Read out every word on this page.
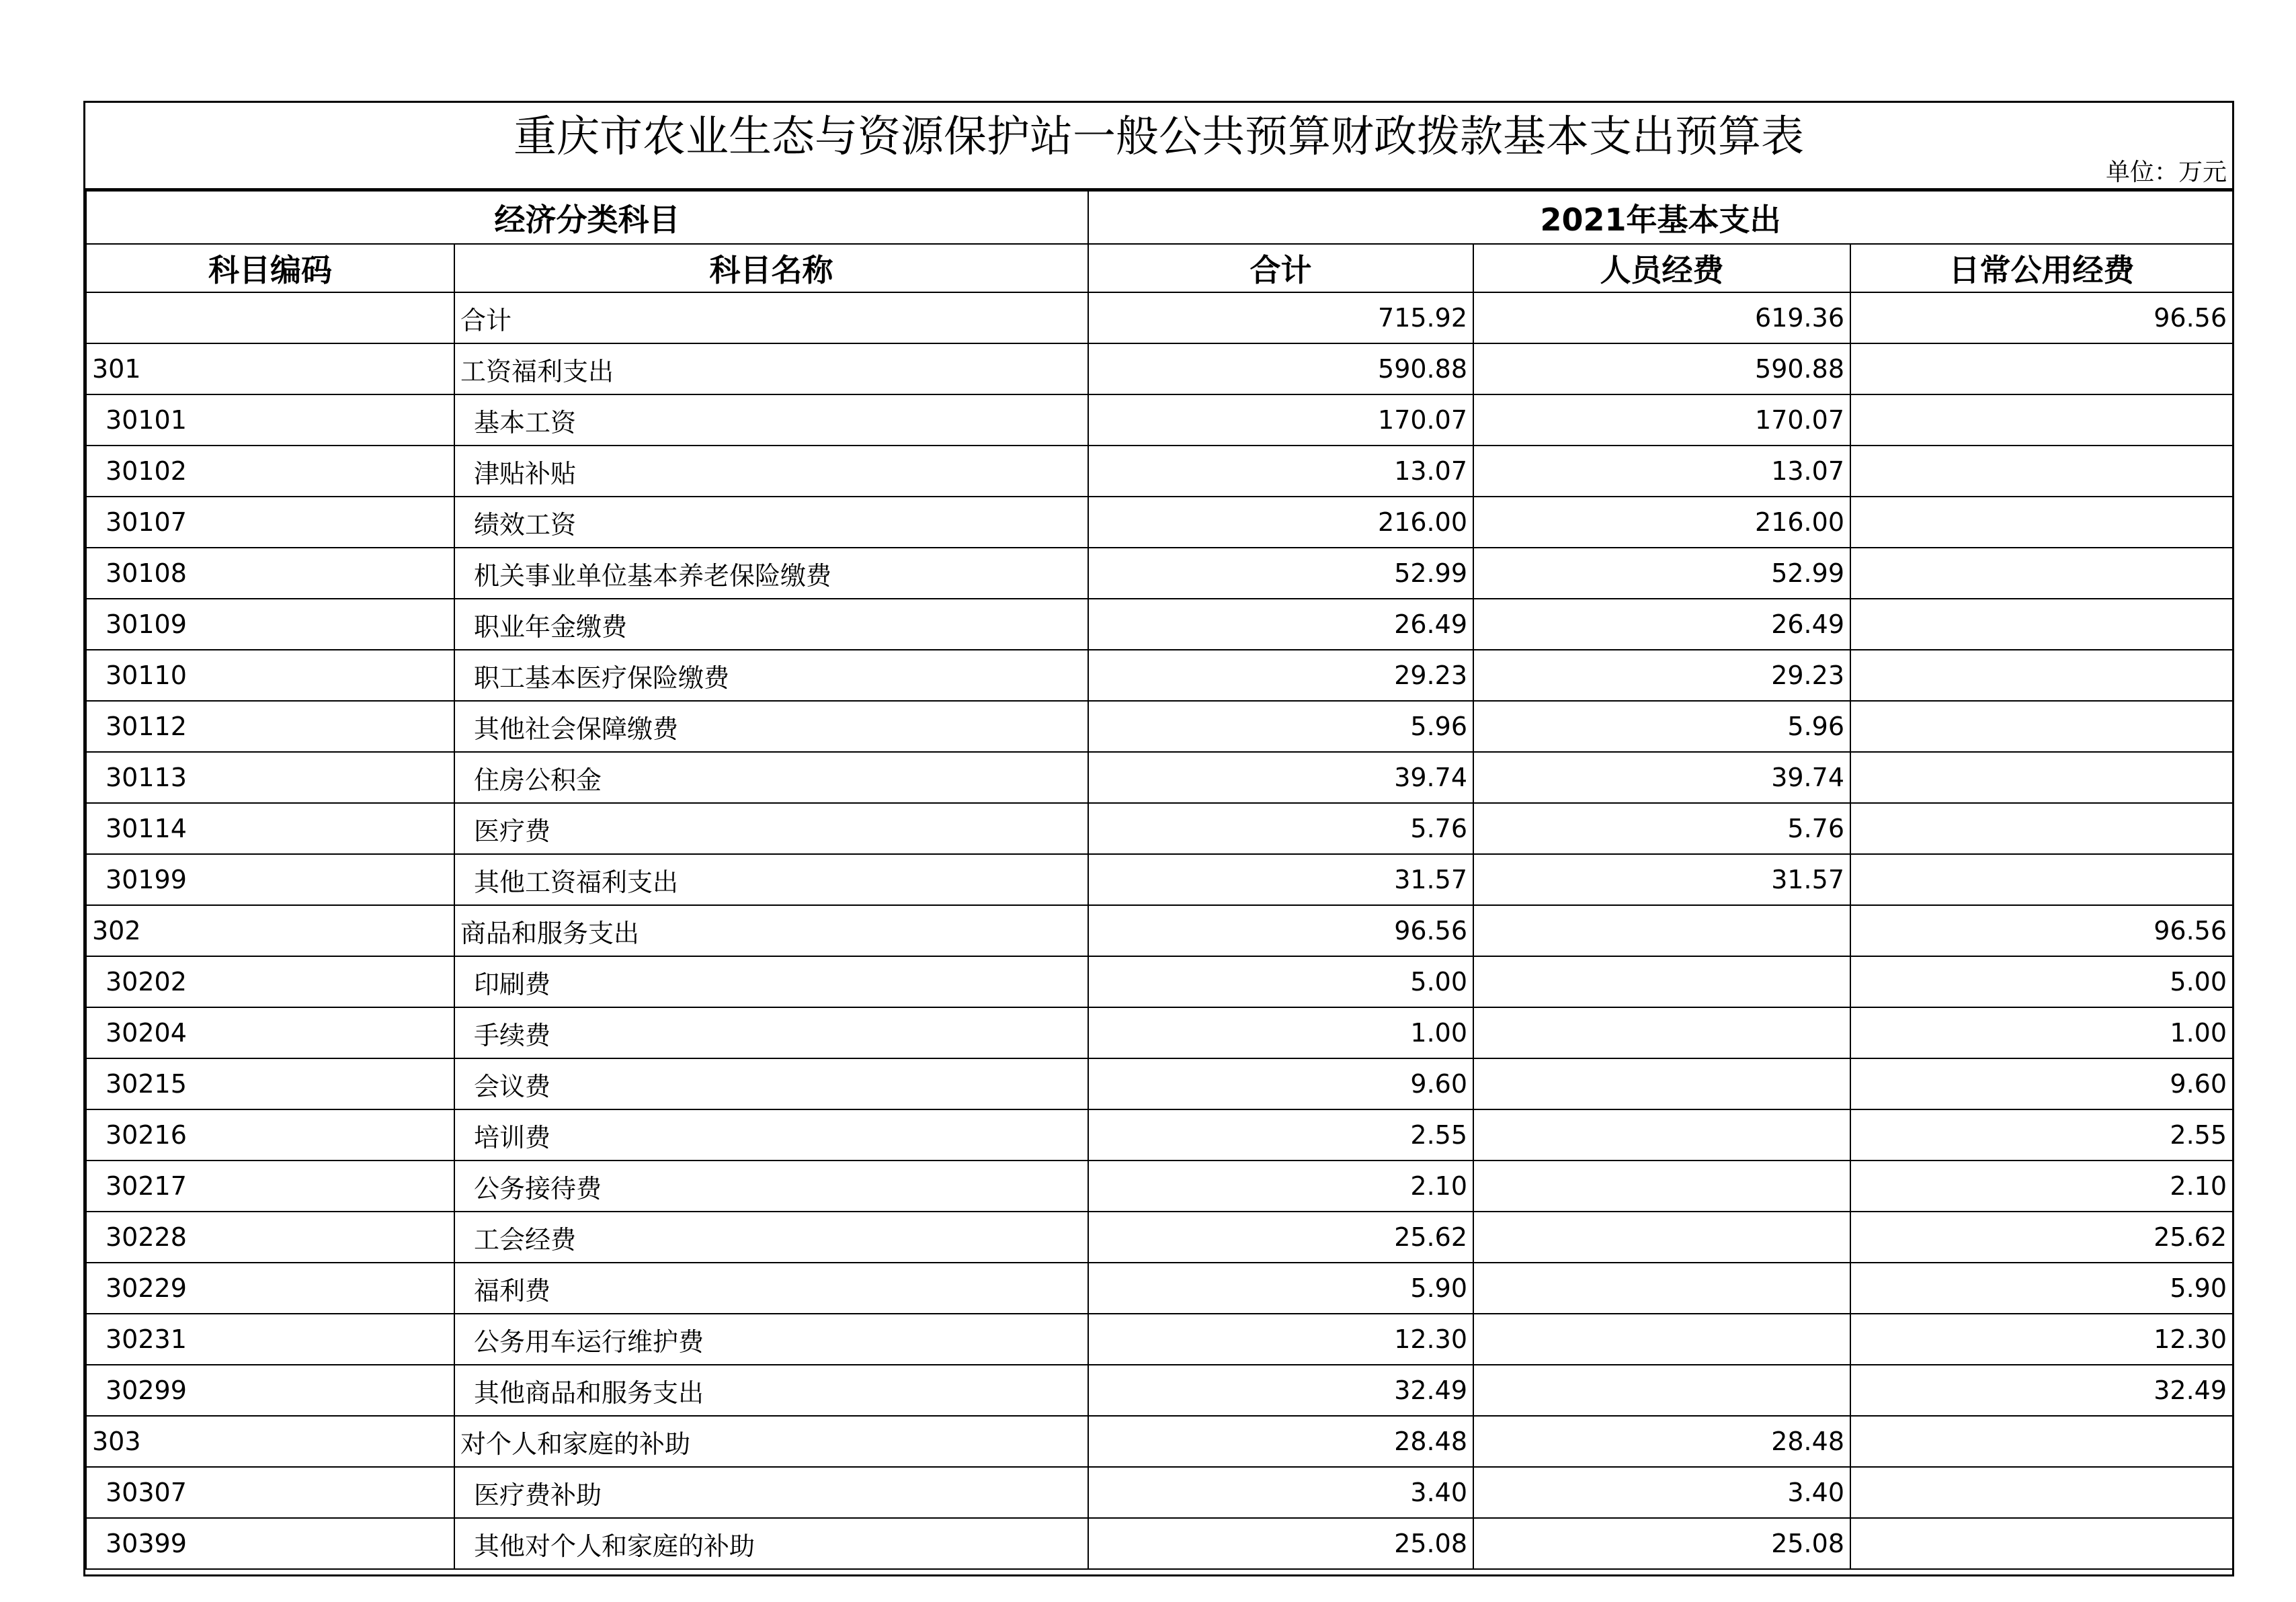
重庆市农业生态与资源保护站一般公共预算财政拨款基本支出预算表
单位：万元
经济分类科目		2021年基本支出		
科目编码	科目名称	合计	人员经费	日常公用经费
	合计	715.92	619.36	96.56
301	工资福利支出	590.88	590.88	
30101	基本工资	170.07	170.07	
30102	津贴补贴	13.07	13.07	
30107	绩效工资	216.00	216.00	
30108	机关事业单位基本养老保险缴费	52.99	52.99	
30109	职业年金缴费	26.49	26.49	
30110	职工基本医疗保险缴费	29.23	29.23	
30112	其他社会保障缴费	5.96	5.96	
30113	住房公积金	39.74	39.74	
30114	医疗费	5.76	5.76	
30199	其他工资福利支出	31.57	31.57	
302	商品和服务支出	96.56		96.56
30202	印刷费	5.00		5.00
30204	手续费	1.00		1.00
30215	会议费	9.60		9.60
30216	培训费	2.55		2.55
30217	公务接待费	2.10		2.10
30228	工会经费	25.62		25.62
30229	福利费	5.90		5.90
30231	公务用车运行维护费	12.30		12.30
30299	其他商品和服务支出	32.49		32.49
303	对个人和家庭的补助	28.48	28.48	
30307	医疗费补助	3.40	3.40	
30399	其他对个人和家庭的补助	25.08	25.08	
